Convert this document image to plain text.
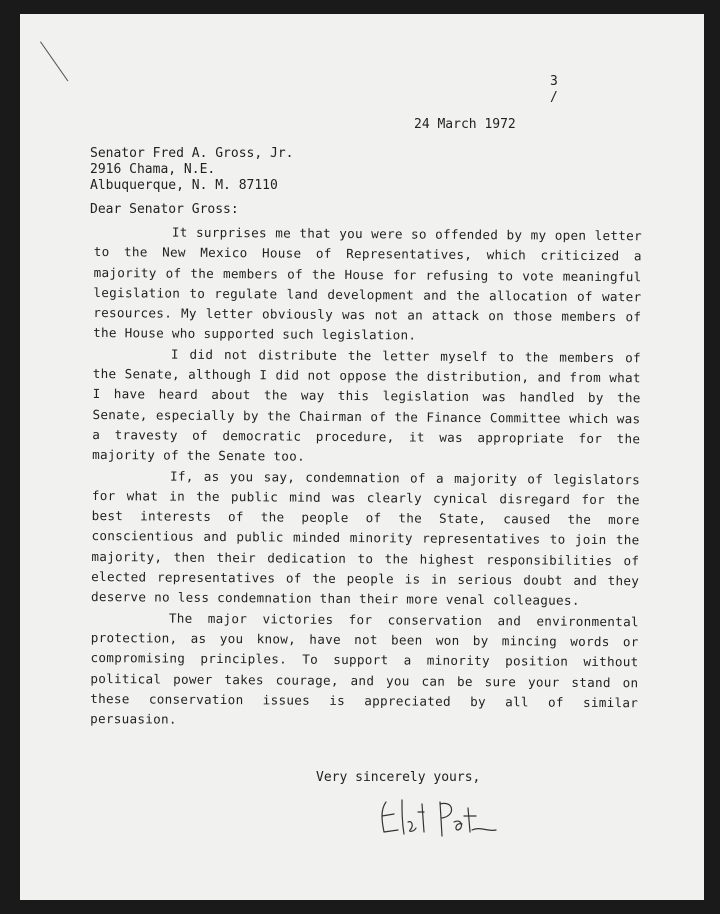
3
/
24 March 1972
Senator Fred A. Gross, Jr.
2916 Chama, N.E.
Albuquerque, N. M. 87110
Dear Senator Gross:

It surprises me that you were so offended by my open letter to the New Mexico House of Representatives, which criticized a majority of the members of the House for refusing to vote meaningful legislation to regulate land development and the allocation of water resources. My letter obviously was not an attack on those members of the House who supported such legislation.

I did not distribute the letter myself to the members of the Senate, although I did not oppose the distribution, and from what I have heard about the way this legislation was handled by the Senate, especially by the Chairman of the Finance Committee which was a travesty of democratic procedure, it was appropriate for the majority of the Senate too.

If, as you say, condemnation of a majority of legislators for what in the public mind was clearly cynical disregard for the best interests of the people of the State, caused the more conscientious and public minded minority representatives to join the majority, then their dedication to the highest responsibilities of elected representatives of the people is in serious doubt and they deserve no less condemnation than their more venal colleagues.

The major victories for conservation and environmental protection, as you know, have not been won by mincing words or compromising principles. To support a minority position without political power takes courage, and you can be sure your stand on these conservation issues is appreciated by all of similar persuasion.

Very sincerely yours,
